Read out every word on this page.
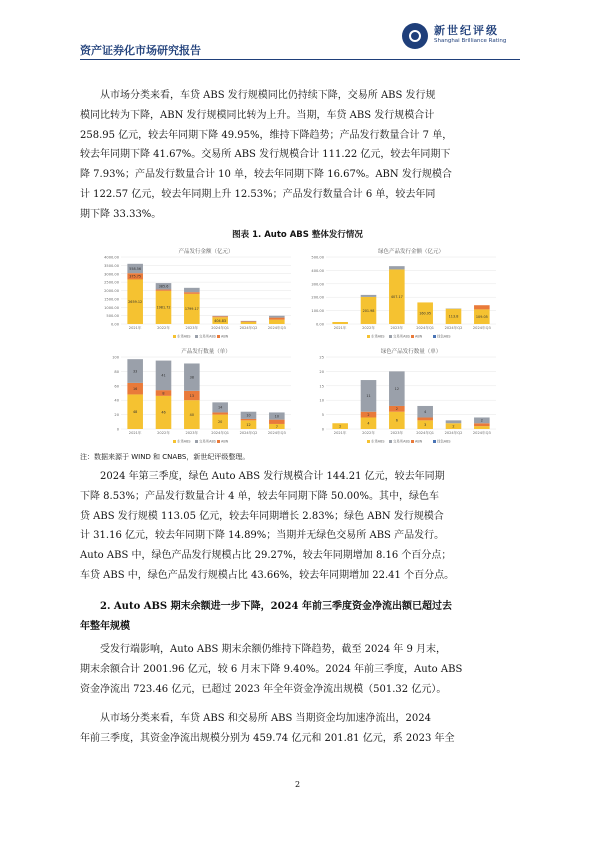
资产证券化市场研究报告
新世纪评级
Shanghai Brilliance Rating
从市场分类来看，车贷 ABS 发行规模同比仍持续下降，交易所 ABS 发行规
模同比转为下降，ABN 发行规模同比转为上升。当期，车贷 ABS 发行规模合计
258.95 亿元，较去年同期下降 49.95%，维持下降趋势；产品发行数量合计 7 单，
较去年同期下降 41.67%。交易所 ABS 发行规模合计 111.22 亿元，较去年同期下
降 7.93%；产品发行数量合计 10 单，较去年同期下降 16.67%。ABN 发行规模合
计 122.57 亿元，较去年同期上升 12.53%；产品发行数量合计 6 单，较去年同
期下降 33.33%。
图表 1. Auto ABS 整体发行情况
产品发行金额（亿元）
0.00
500.00
1000.00
1500.00
2000.00
2500.00
3000.00
3500.00
4000.00
2659.12
375.75
558.56
2021年
1981.72
385.6
2022年
1799.17
2023年
404.83
2024年Q1	2024年Q2	2024年Q3
车贷ABS 交易所ABS ABN
绿色产品发行金额（亿元）
0.00
100.00
200.00
300.00
400.00
500.00
2021年
201.98
2022年
407.17
2023年
160.95
2024年Q1
113.8
2024年Q2
109.05
2024年Q3
车贷ABS 交易所ABS ABN	绿色ABS
产品发行数量（单）
0
20
40
60
80
100
48
16
33
2021年
46
8
41
2022年
40
13
38
2023年
20
14
2024年Q1
12
10
2024年Q2
7
10
2024年Q3
车贷ABS 交易所ABS ABN
绿色产品发行数量（单）
0
5
10
15
20
25
2
2021年
4
2
11
2022年
6
2
12
2023年
3
4
2024年Q1
2
2024年Q2
2
2024年Q3
车贷ABS 交易所ABS ABN	绿色ABS
注：数据来源于 WIND 和 CNABS，新世纪评级整理。
2024 年第三季度，绿色 Auto ABS 发行规模合计 144.21 亿元，较去年同期
下降 8.53%；产品发行数量合计 4 单，较去年同期下降 50.00%。其中，绿色车
贷 ABS 发行规模 113.05 亿元，较去年同期增长 2.83%；绿色 ABN 发行规模合
计 31.16 亿元，较去年同期下降 14.89%；当期并无绿色交易所 ABS 产品发行。
Auto ABS 中，绿色产品发行规模占比 29.27%，较去年同期增加 8.16 个百分点；
车贷 ABS 中，绿色产品发行规模占比 43.66%，较去年同期增加 22.41 个百分点。
2. Auto ABS 期末余额进一步下降，2024 年前三季度资金净流出额已超过去
年整年规模
受发行端影响，Auto ABS 期末余额仍维持下降趋势，截至 2024 年 9 月末，
期末余额合计 2001.96 亿元，较 6 月末下降 9.40%。2024 年前三季度，Auto ABS
资金净流出 723.46 亿元，已超过 2023 年全年资金净流出规模（501.32 亿元）。
从市场分类来看，车贷 ABS 和交易所 ABS 当期资金均加速净流出，2024
年前三季度，其资金净流出规模分别为 459.74 亿元和 201.81 亿元，系 2023 年全
2
